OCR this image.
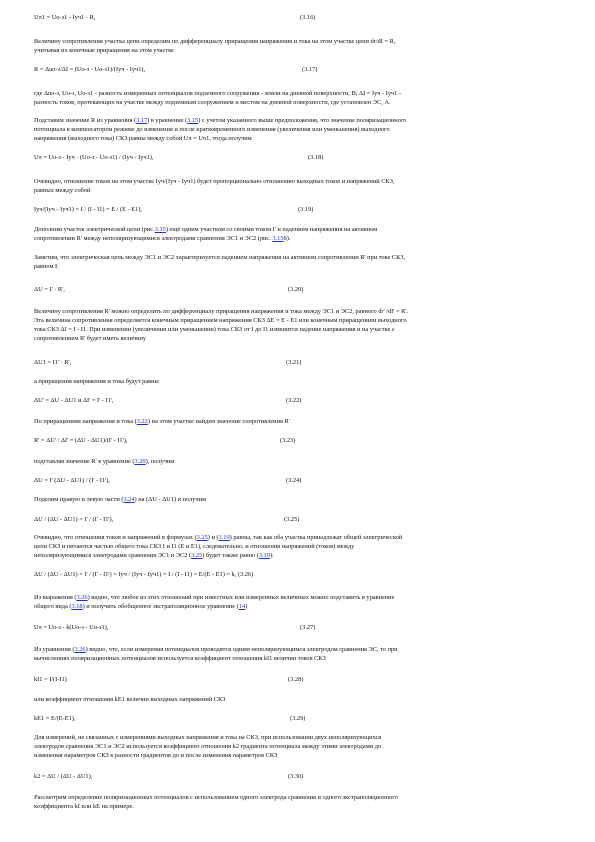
Uπ1 = Uo-з1 - Iуч1 · R,
Величину сопротивления участка цепи определим по дифференциалу приращения напряжения и тока на этом участке цепи dr/dI = R,
учитывая их конечные приращения на этом участке
R = Δuо-з/ΔI = (Uо-з - Uо-з1)/(Iуч - Iуч1),
где Δuо-з, Uо-з, Uо-з1 - разность измеренных потенциалов подземного сооружения - земли на дневной поверхности, B; ΔI = Iуч - Iуч1 -
разность токов, протекающих на участке между подземным сооружением и местом на дневной поверхности, где установлен ЭС, А.
Подставим значение R из уравнения (3.17) в уравнение (3.15) с учетом указанного выше предположения, что значение поляризационного
потенциала в компенсатором режиме до изменения и после кратковременного изменения (увеличения или уменьшения) выходного
напряжения (выходного тока) СКЗ равны между собой Uπ = Uπ1, тогда получим
Uπ = Uо-з - Iуч · (Uо-з - Uо-з1) / (Iуч - Iуч1),
Очевидно, отношение токов на этом участке Iуч/(Iуч - Iуч1) будет пропорционально отношению выходных токов и напряжений СКЗ,
равных между собой
Iуч/(Iуч - Iуч1) = I / (I - I1) = E / (E - E1),
Дополним участок электрической цепи (рис.3.15) ещё одним участком со своими током I' и падением напряжения на активном
сопротивлении R' между неполяризующимися электродами сравнения ЭС1 и ЭС2 (рис. 3.15б).
Заметим, что электрическая цепь между ЭС1 и ЭС2 характеризуется падением напряжения на активном сопротивлении R' при токе СКЗ,
равном I:
ΔU = I' · R',
Величину сопротивления R' можно определить по дифференциалу приращения напряжения и тока между ЭС1 и ЭС2, равного dr' /dI' = R'.
Эта величина сопротивления определяется конечным приращением напряжения СКЗ ΔE = E - E1 или конечным приращением выходного
тока СКЗ ΔI = I - I1. При изменении (увеличении или уменьшении) тока СКЗ от I до I1 изменится падение напряжения и на участке с
сопротивлением R' будет иметь величину
ΔU1 = I1' · R',
а приращения напряжения и тока будут равны
ΔU' = ΔU - ΔU1 и ΔI' = I' - I1',
По приращениям напряжения и тока (3.22) на этом участке найдем значение сопротивления R'
R' = ΔU' / ΔI' = (ΔU - ΔU1)/(I' - I1'),
подставляя значение R' в уравнение (3.20), получим
ΔU = I' (ΔU - ΔU1) / (I' - I1'),
Поделим правую и левую части (3.24) на (ΔU - ΔU1) и получим
ΔU / (ΔU - ΔU1) = I' / (I' - I1'),
Очевидно, что отношения токов и напряжений в формулах (3.25) и (3.19) равны, так как оба участка принадлежат общей электрической
цепи СКЗ и питаются частью общего тока СКЗ I и I1 (E и E1), следовательно, и отношения напряжений (токов) между
неполяризующимися электродами сравнения ЭС1 и ЭС2 (3.25) будет также равно (3.19):
ΔU / (ΔU - ΔU1) = I' / (I' - I1') = Iуч / (Iуч - Iуч1) = I / (I - I1) = E/(E - E1) = k, (3.26)
Из выражения (3.26) видно, что любое из этих отношений при известных или измеренных величинах можно подставить в уравнение
общего вида (3.18) и получить обобщенное экстраполяционное уравнение (14)
Uπ = Uо-з - k(Uо-з - Uо-з1),
Из уравнения (3.26) видно, что, если измерения потенциалов проводятся одним неполяризующимся электродом сравнения ЭС, то при
вычислениях поляризационных потенциалов используется коэффициент отношения kI1 величин токов СКЗ
kI1 = I/(I-I1)
или коэффициент отношения kE1 величин выходных напряжений СКЗ
kE1 = E/(E-E1),
Для измерений, не связанных с измерениями выходных напряжения и тока на СКЗ, при использовании двух неполяризующихся
электродов сравнения ЭС1 и ЭС2 используется коэффициент отношения k2 градиента потенциала между этими электродами до
изменения параметров СКЗ к разности градиентов до и после изменения параметров СКЗ
k2 = ΔU / (ΔU - ΔU1),
Рассмотрим определение поляризационных потенциалов с использованием одного электрода сравнения и одного экстраполяционного
коэффициента kI или kE на примере.
(3.16)
(3.17)
(3.18)
(3.19)
(3.20)
(3.21)
(3.22)
(3.23)
(3.24)
(3.25)
(3.27)
(3.28)
(3.29)
(3.30)
